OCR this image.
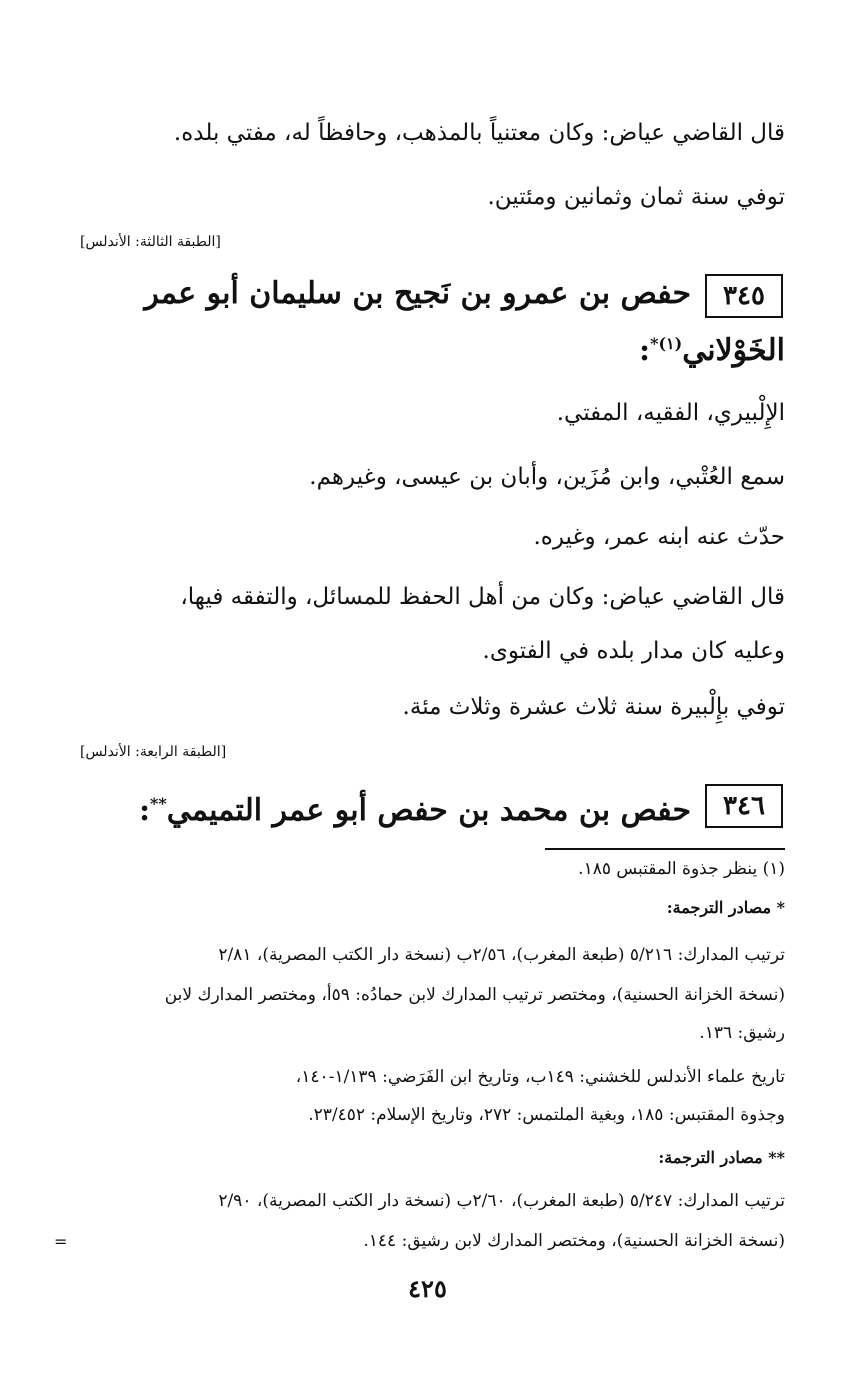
قال القاضي عياض: وكان معتنياً بالمذهب، وحافظاً له، مفتي بلده.
توفي سنة ثمان وثمانين ومئتين.
[الطبقة الثالثة: الأندلس]
٣٤٥
حفص بن عمرو بن نَجيح بن سليمان أبو عمر
الخَوْلاني$^{(١)*}$:
الإِلْبيري، الفقيه، المفتي.
سمع العُتْبي، وابن مُزَين، وأبان بن عيسى، وغيرهم.
حدّث عنه ابنه عمر، وغيره.
قال القاضي عياض: وكان من أهل الحفظ للمسائل، والتفقه فيها،
وعليه كان مدار بلده في الفتوى.
توفي بإِلْبيرة سنة ثلاث عشرة وثلاث مئة.
[الطبقة الرابعة: الأندلس]
٣٤٦
حفص بن محمد بن حفص أبو عمر التميمي**:
(١) ينظر جذوة المقتبس ١٨٥.
* مصادر الترجمة:
ترتيب المدارك: ٥/٢١٦ (طبعة المغرب)، ٢/٥٦ب (نسخة دار الكتب المصرية)، ٢/٨١
(نسخة الخزانة الحسنية)، ومختصر ترتيب المدارك لابن حمادُه: ٥٩أ، ومختصر المدارك لابن
رشيق: ١٣٦.
تاريخ علماء الأندلس للخشني: ١٤٩ب، وتاريخ ابن الفَرَضي: ١/١٣٩-١٤٠،
وجذوة المقتبس: ١٨٥، وبغية الملتمس: ٢٧٢، وتاريخ الإسلام: ٢٣/٤٥٢.
** مصادر الترجمة:
ترتيب المدارك: ٥/٢٤٧ (طبعة المغرب)، ٢/٦٠ب (نسخة دار الكتب المصرية)، ٢/٩٠
(نسخة الخزانة الحسنية)، ومختصر المدارك لابن رشيق: ١٤٤.
=
٤٢٥
